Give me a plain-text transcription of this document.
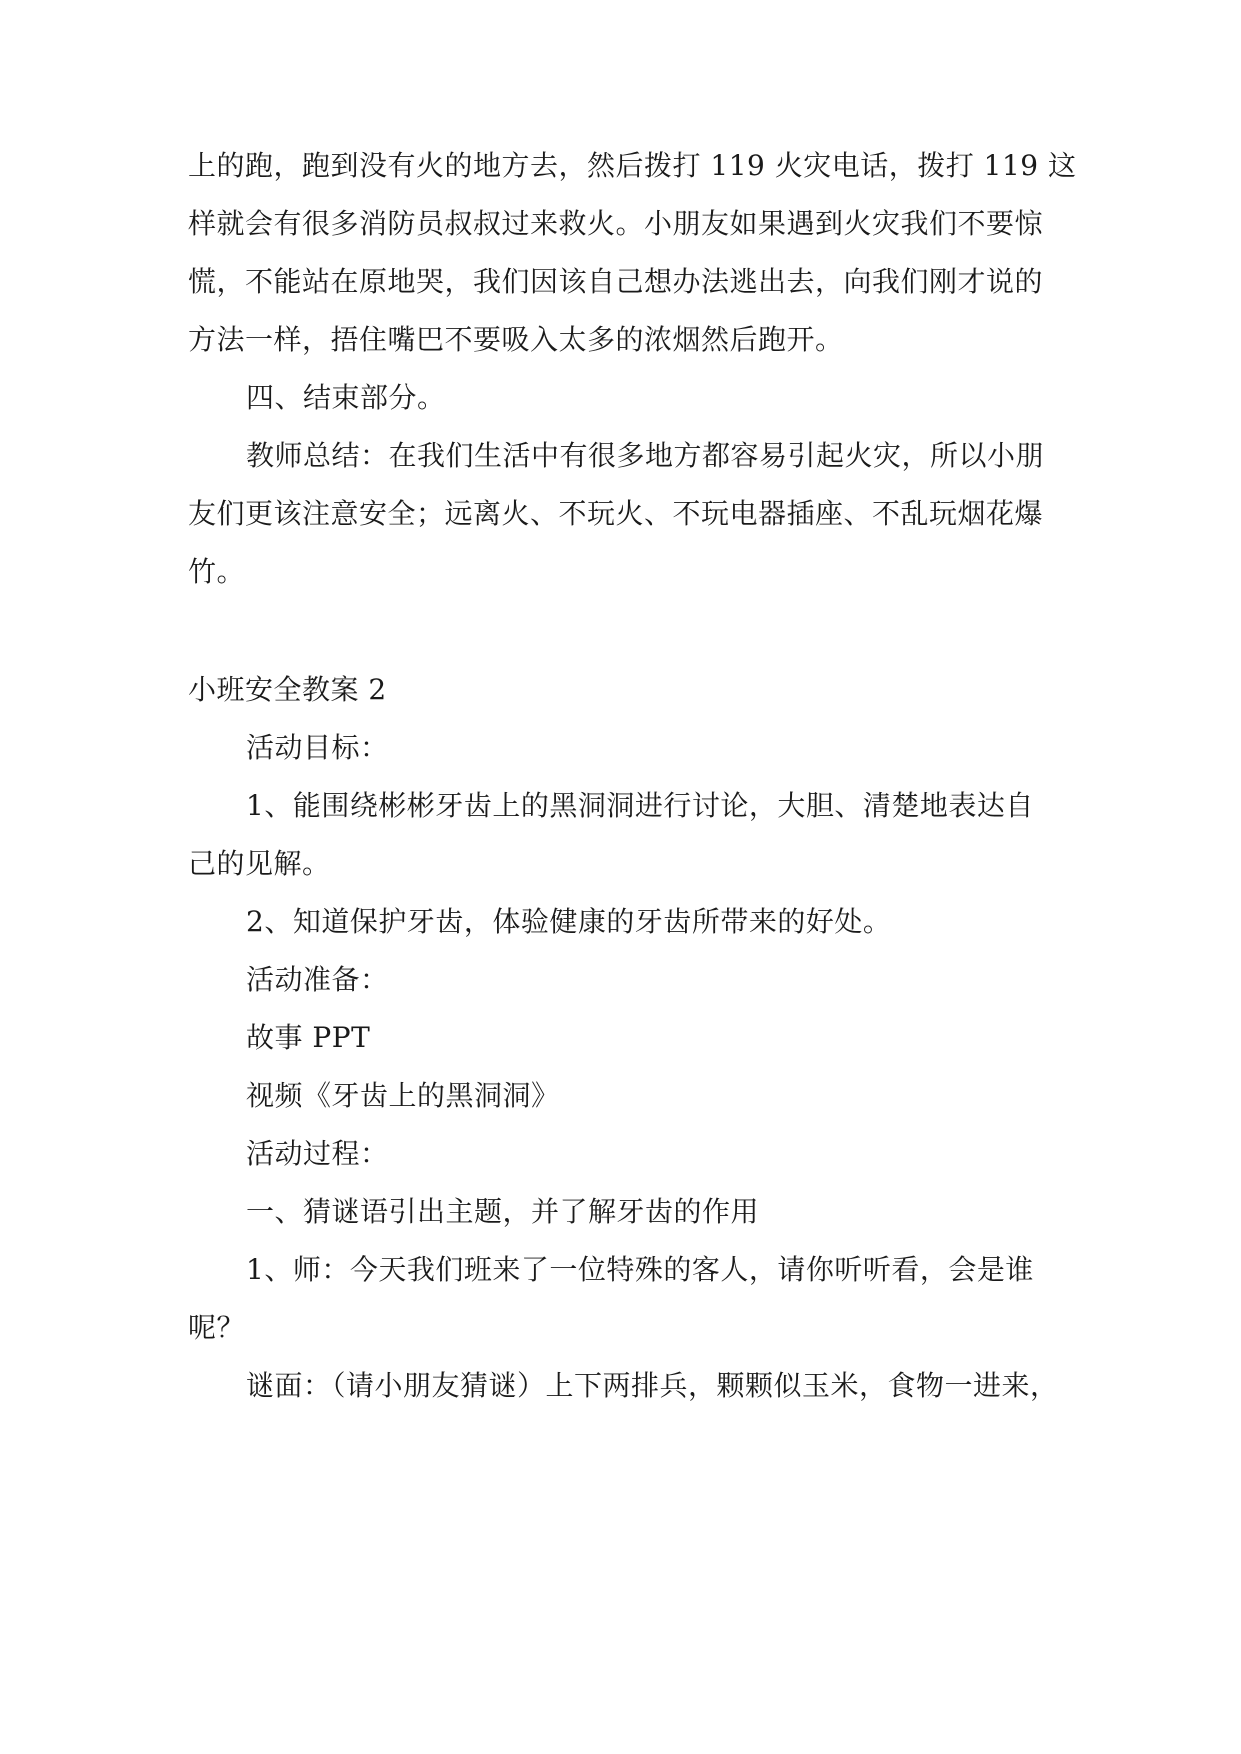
上的跑，跑到没有火的地方去，然后拨打 119 火灾电话，拨打 119 这
样就会有很多消防员叔叔过来救火。小朋友如果遇到火灾我们不要惊
慌，不能站在原地哭，我们因该自己想办法逃出去，向我们刚才说的
方法一样，捂住嘴巴不要吸入太多的浓烟然后跑开。
四、结束部分。
教师总结：在我们生活中有很多地方都容易引起火灾，所以小朋
友们更该注意安全；远离火、不玩火、不玩电器插座、不乱玩烟花爆
竹。
小班安全教案 2
活动目标：
1、能围绕彬彬牙齿上的黑洞洞进行讨论，大胆、清楚地表达自
己的见解。
2、知道保护牙齿，体验健康的牙齿所带来的好处。
活动准备：
故事 PPT
视频《牙齿上的黑洞洞》
活动过程：
一、猜谜语引出主题，并了解牙齿的作用
1、师：今天我们班来了一位特殊的客人，请你听听看，会是谁
呢？
谜面：（请小朋友猜谜）上下两排兵，颗颗似玉米，食物一进来，
